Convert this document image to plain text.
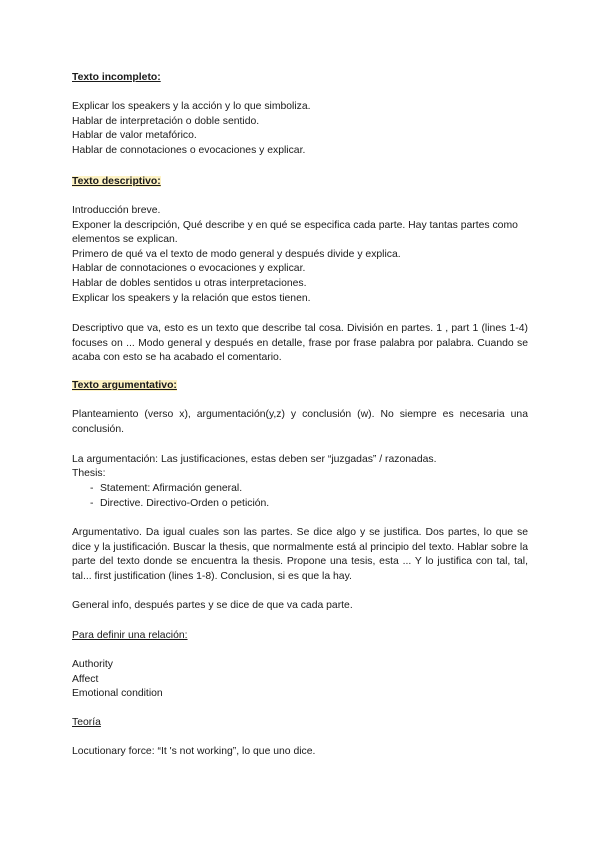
Texto incompleto:
Explicar los speakers y la acción y lo que simboliza.
Hablar de interpretación o doble sentido.
Hablar de valor metafórico.
Hablar de connotaciones o evocaciones y explicar.
Texto descriptivo:
Introducción breve.
Exponer la descripción, Qué describe y en qué se especifica cada parte. Hay tantas partes como elementos se explican.
Primero de qué va el texto de modo general y después divide y explica.
Hablar de connotaciones o evocaciones y explicar.
Hablar de dobles sentidos u otras interpretaciones.
Explicar los speakers y la relación que estos tienen.

Descriptivo que va, esto es un texto que describe tal cosa. División en partes. 1 , part 1 (lines 1-4) focuses on ... Modo general y después en detalle, frase por frase palabra por palabra. Cuando se acaba con esto se ha acabado el comentario.

Texto argumentativo:

Planteamiento (verso x), argumentación(y,z) y conclusión (w). No siempre es necesaria una conclusión.

La argumentación: Las justificaciones, estas deben ser “juzgadas” / razonadas.

Thesis:

- Statement: Afirmación general.
- Directive. Directivo-Orden o petición.

Argumentativo. Da igual cuales son las partes. Se dice algo y se justifica. Dos partes, lo que se dice y la justificación. Buscar la thesis, que normalmente está al principio del texto. Hablar sobre la parte del texto donde se encuentra la thesis. Propone una tesis, esta ... Y lo justifica con tal, tal, tal... first justification (lines 1-8). Conclusion, si es que la hay.

General info, después partes y se dice de que va cada parte.

Para definir una relación:
Authority
Affect
Emotional condition
Teoría

Locutionary force: “It 's not working”, lo que uno dice.
